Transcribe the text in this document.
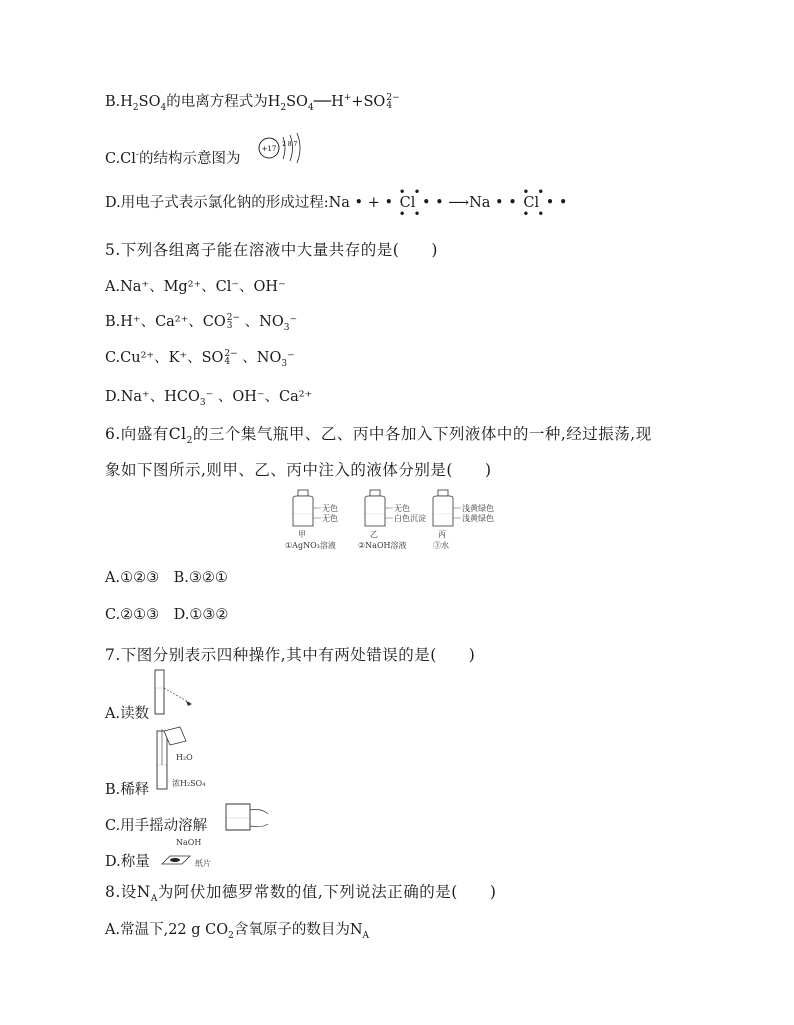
$B.H_2SO_4$的电离方程式为$H_2SO_4──H^++SO$ 2
4
−
C.Cl-的结构示意图为
+17
2 8 7
D.用电子式表示氯化钠的形成过程:Na • + •
• •
Cl
• •
• • ⟶Na • •
• •
Cl
• •
• •
5.下列各组离子能在溶液中大量共存的是(　　)
A.Na⁺、Mg²⁺、Cl⁻、OH⁻
B.H⁺、Ca²⁺、CO 2
3
− 、$NO_3^-$
C.Cu²⁺、K⁺、SO 2
4
− 、$NO_3^-$
D.Na⁺、$HCO_3^-$ 、OH⁻、Ca²⁺
6.向盛有$Cl_2$的三个集气瓶甲、乙、丙中各加入下列液体中的一种,经过振荡,现
象如下图所示,则甲、乙、丙中注入的液体分别是(　　)
无色
无色
无色
白色沉淀
浅黄绿色
浅黄绿色
甲	乙	丙
①AgNO₃溶液	②NaOH溶液	③水
A.①②③　B.③②①
C.②①③　D.①③②
7.下图分别表示四种操作,其中有两处错误的是(　　)
A.读数
H₂O
浓H₂SO₄
B.稀释
C.用手摇动溶解
NaOH
纸片
D.称量
8.设$N_A$为阿伏加德罗常数的值,下列说法正确的是(　　)
A.常温下,22 g $CO_2$含氧原子的数目为$N_A$
